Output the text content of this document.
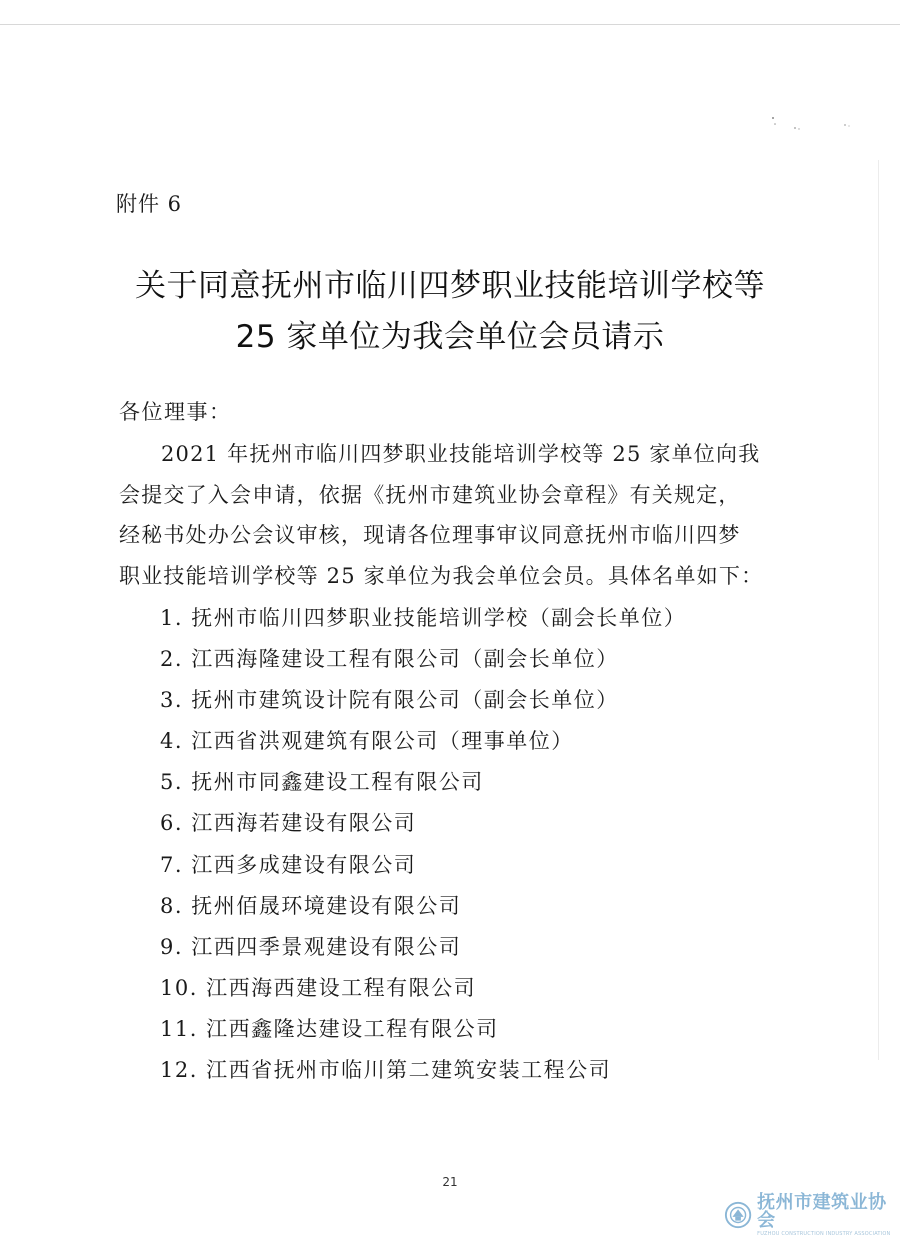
附件 6
关于同意抚州市临川四梦职业技能培训学校等
25 家单位为我会单位会员请示
各位理事：
2021 年抚州市临川四梦职业技能培训学校等 25 家单位向我
会提交了入会申请，依据《抚州市建筑业协会章程》有关规定，
经秘书处办公会议审核，现请各位理事审议同意抚州市临川四梦
职业技能培训学校等 25 家单位为我会单位会员。具体名单如下：
1. 抚州市临川四梦职业技能培训学校（副会长单位）
2. 江西海隆建设工程有限公司（副会长单位）
3. 抚州市建筑设计院有限公司（副会长单位）
4. 江西省洪观建筑有限公司（理事单位）
5. 抚州市同鑫建设工程有限公司
6. 江西海若建设有限公司
7. 江西多成建设有限公司
8. 抚州佰晟环境建设有限公司
9. 江西四季景观建设有限公司
10. 江西海西建设工程有限公司
11. 江西鑫隆达建设工程有限公司
12. 江西省抚州市临川第二建筑安装工程公司
21
抚州市建筑业协会
FUZHOU CONSTRUCTION INDUSTRY ASSOCIATION
